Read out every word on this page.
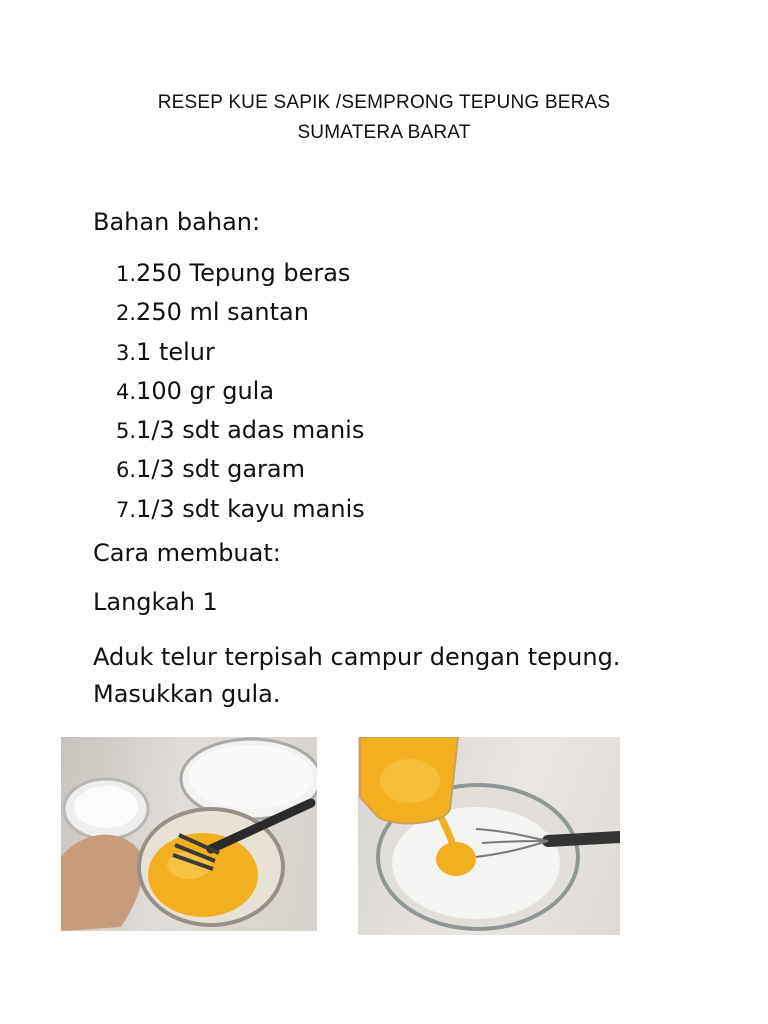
RESEP KUE SAPIK /SEMPRONG TEPUNG BERAS
SUMATERA BARAT
Bahan bahan:
1.250 Tepung beras
2.250 ml santan
3.1 telur
4.100 gr gula
5.1/3 sdt adas manis
6.1/3 sdt garam
7.1/3 sdt kayu manis
Cara membuat:
Langkah 1
Aduk telur terpisah campur dengan tepung.
Masukkan gula.
